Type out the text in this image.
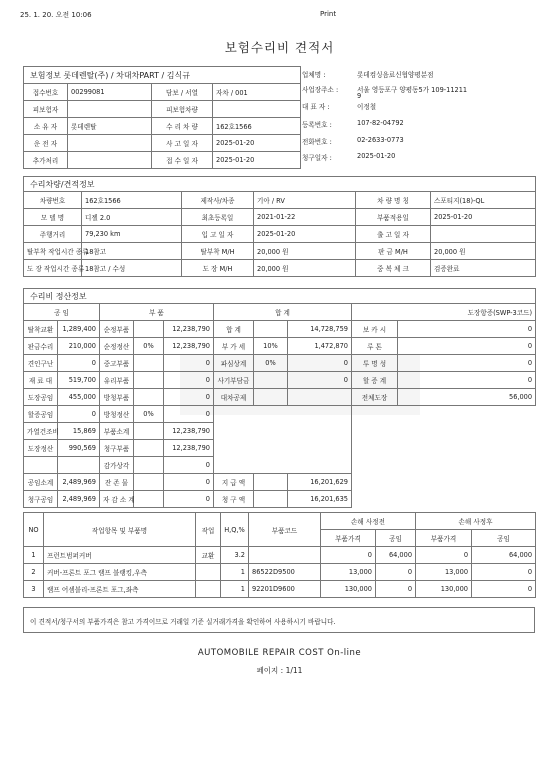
25. 1. 20. 오전 10:06	Print
보험수리비 견적서
보험정보 롯데렌탈(주) / 차대차PART / 김식규			
접수번호	00299081	담보 / 서열	자차 / 001
피보험자		피보험차량	
소 유 자	롯데렌탈	수 리 차 량	162호1566
운 전 자		사 고 일 자	2025-01-20
추가처리		접 수 일 자	2025-01-20
업체명 :	롯데컴싱음료신협양평분점
사업장주소 :	서울 영등포구 양평동5가 109-11211
9
대 표 자 :	이정철
등록번호 :	107-82-04792
전화번호 :	02-2633-0773
청구일자 :	2025-01-20
수리차량/견적정보					
차량번호	162호1566	제작사/차종	기아 / RV	차 량 명 칭	스포티지(18)-QL
모 델 명	디젤 2.0	최초등록일	2021-01-22	부품적용일	2025-01-20
주행거리	79,230 km	입 고 일 자	2025-01-20	출 고 일 자	
탈부착 작업시간 종류	18참고	탈부착 M/H	20,000 원	판 금 M/H	20,000 원
도 장 작업시간 종류	18참고 / 수성	도 장 M/H	20,000 원	중 복 체 크	검증완료
수리비 정산정보									
공 임		부 품			합 계			도장항증(SWP-3코드)	
탈착교환	1,289,400	순정부품		12,238,790	합 계		14,728,759	보 카 시	0
판금수리	210,000	순정정산	0%	12,238,790	부 가 세	10%	1,472,870	루 톤	0
견인구난	0	중고부품		0	파심상계	0%	0	투 명 성	0
재 료 대	519,700	유리부품		0	사기부담금		0	할 증 계	0
도장공임	455,000	방청부품		0	대차공제			전체도장	56,000
할증공임	0	방청정산	0%	0					
가열건조비	15,869	부품소계		12,238,790					
도장정산	990,569	청구부품		12,238,790					
		감가상각		0					
공임소계	2,489,969	잔 존 물		0	지 급 액		16,201,629		
청구공임	2,489,969	자 감 소 계		0	청 구 액		16,201,635		
NO	작업항목 및 부품명	작업	H,Q,%	부품코드	손해 사정전		손해 사정후	
					부품가격	공임	부품가격	공임
1	프런트범퍼커버	교환	3.2		0	64,000	0	64,000
2	커버-프론트 포그 램프 블랭킹,우측		1	86522D9500	13,000	0	13,000	0
3	램프 어셈블리-프론트 포그,좌측		1	92201D9600	130,000	0	130,000	0
이 견적서/청구서의 부품가격은 참고 가격이므로 거래일 기준 실거래가격을 확인하여 사용하시기 바랍니다.
AUTOMOBILE REPAIR COST On-line
페이지 : 1/11
